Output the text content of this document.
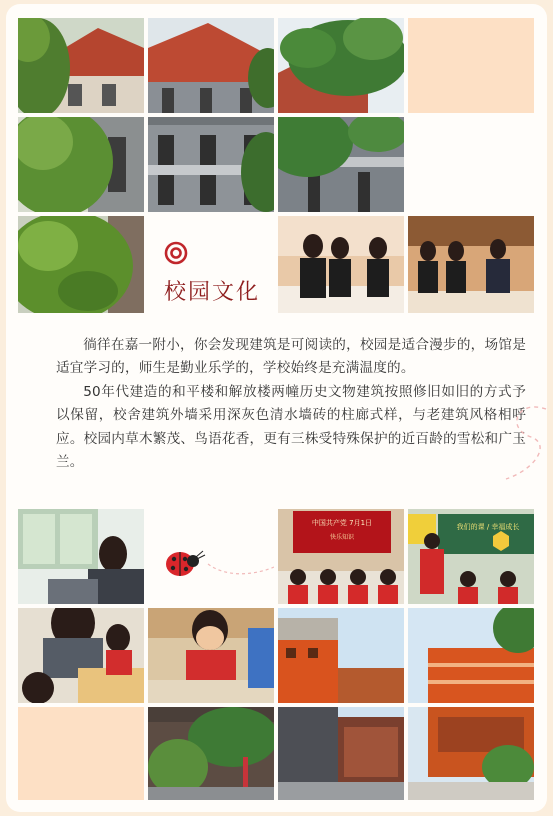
校园文化

徜徉在嘉一附小，你会发现建筑是可阅读的，校园是适合漫步的，场馆是适宜学习的，师生是勤业乐学的，学校始终是充满温度的。

50年代建造的和平楼和解放楼两幢历史文物建筑按照修旧如旧的方式予以保留，校舍建筑外墙采用深灰色清水墙砖的柱廊式样，与老建筑风格相呼应。校园内草木繁茂、鸟语花香，更有三株受特殊保护的近百龄的雪松和广玉兰。

中国共产党 7月1日
快乐知识
我们的课 / 幸福成长
